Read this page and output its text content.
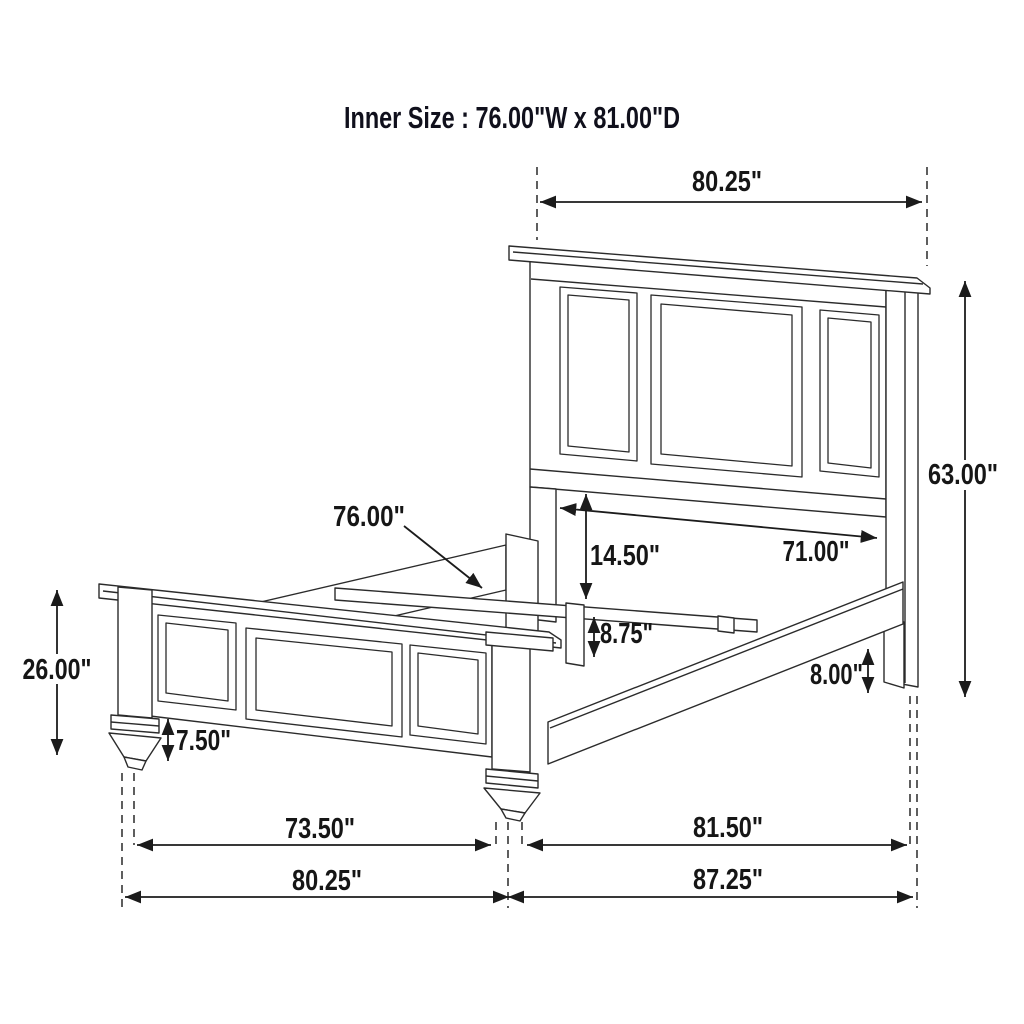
Inner Size : 76.00"W x 81.00"D
80.25"
63.00"
76.00"
14.50"	71.00"
8.75"
8.00"
26.00"
7.50"
73.50"
80.25"
81.50"
87.25"
